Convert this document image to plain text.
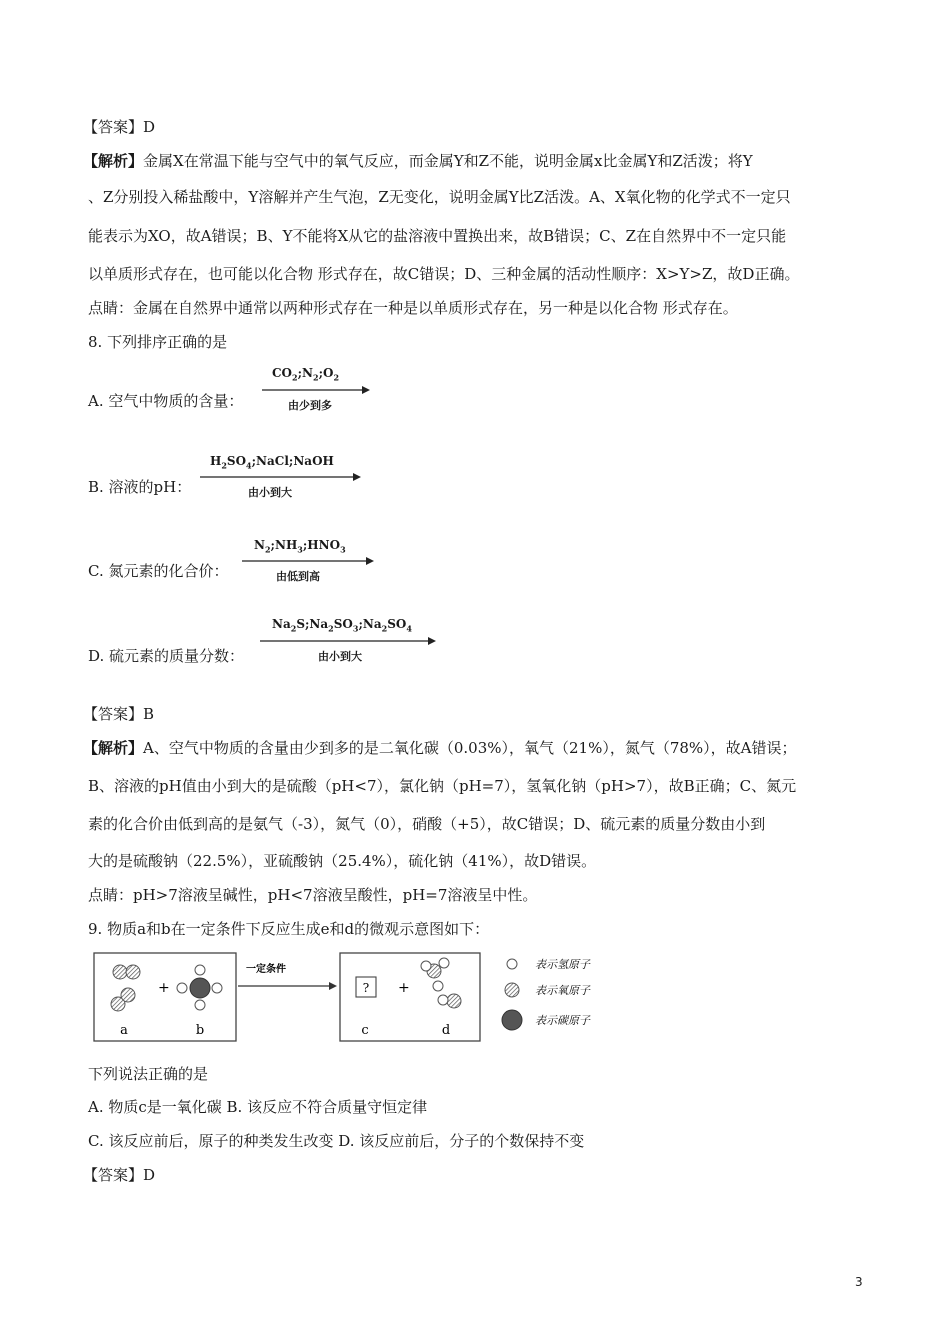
【答案】D
【解析】金属X在常温下能与空气中的氧气反应，而金属Y和Z不能，说明金属x比金属Y和Z活泼；将Y
、Z分别投入稀盐酸中，Y溶解并产生气泡，Z无变化，说明金属Y比Z活泼。A、X氧化物的化学式不一定只
能表示为XO，故A错误；B、Y不能将X从它的盐溶液中置换出来，故B错误；C、Z在自然界中不一定只能
以单质形式存在，也可能以化合物 形式存在，故C错误；D、三种金属的活动性顺序：X>Y>Z，故D正确。
点睛：金属在自然界中通常以两种形式存在一种是以单质形式存在，另一种是以化合物 形式存在。
8. 下列排序正确的是
A. 空气中物质的含量：
$CO_2;N_2;O_2$
由少到多
B. 溶液的pH：
$H_2SO_4;NaCl;NaOH$
由小到大
C. 氮元素的化合价：
$N_2;NH_3;HNO_3$
由低到高
D. 硫元素的质量分数：
$Na_2S;Na_2SO_3;Na_2SO_4$
由小到大
【答案】B
【解析】A、空气中物质的含量由少到多的是二氧化碳（0.03%），氧气（21%），氮气（78%），故A错误；
B、溶液的pH值由小到大的是硫酸（pH<7），氯化钠（pH=7），氢氧化钠（pH>7），故B正确；C、氮元
素的化合价由低到高的是氨气（-3），氮气（0），硝酸（+5），故C错误；D、硫元素的质量分数由小到
大的是硫酸钠（22.5%），亚硫酸钠（25.4%），硫化钠（41%），故D错误。
点睛：pH>7溶液呈碱性，pH<7溶液呈酸性，pH=7溶液呈中性。
9. 物质a和b在一定条件下反应生成e和d的微观示意图如下：
+
a	b
一定条件
? +
c	d
表示氢原子
表示氧原子
表示碳原子
下列说法正确的是
A. 物质c是一氧化碳 B. 该反应不符合质量守恒定律
C. 该反应前后，原子的种类发生改变 D. 该反应前后，分子的个数保持不变
【答案】D
3
